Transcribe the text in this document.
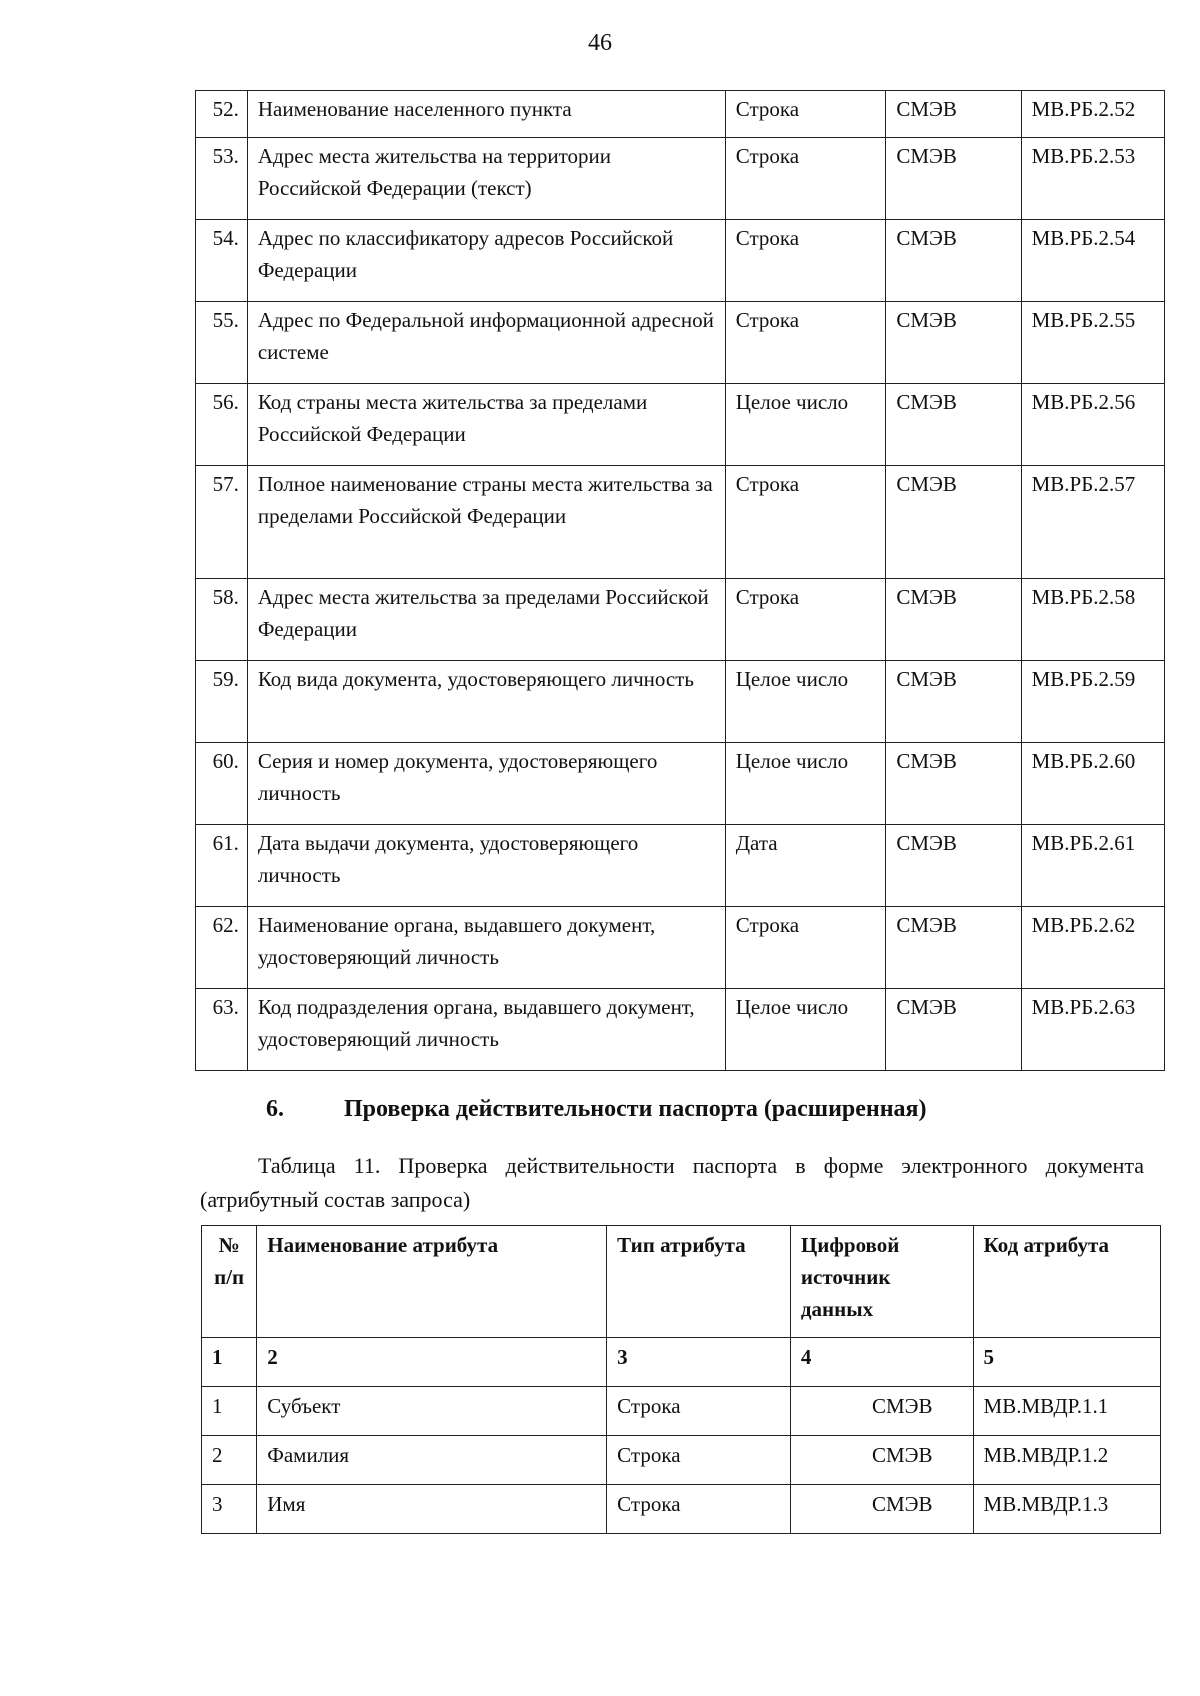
46
52.	Наименование населенного пункта	Строка	СМЭВ	МВ.РБ.2.52
53.	Адрес места жительства на территории Российской Федерации (текст)	Строка	СМЭВ	МВ.РБ.2.53
54.	Адрес по классификатору адресов Российской Федерации	Строка	СМЭВ	МВ.РБ.2.54
55.	Адрес по Федеральной информационной адресной системе	Строка	СМЭВ	МВ.РБ.2.55
56.	Код страны места жительства за пределами Российской Федерации	Целое число	СМЭВ	МВ.РБ.2.56
57.	Полное наименование страны места жительства за пределами Российской Федерации	Строка	СМЭВ	МВ.РБ.2.57
58.	Адрес места жительства за пределами Российской Федерации	Строка	СМЭВ	МВ.РБ.2.58
59.	Код вида документа, удостоверяющего личность	Целое число	СМЭВ	МВ.РБ.2.59
60.	Серия и номер документа, удостоверяющего личность	Целое число	СМЭВ	МВ.РБ.2.60
61.	Дата выдачи документа, удостоверяющего личность	Дата	СМЭВ	МВ.РБ.2.61
62.	Наименование органа, выдавшего документ, удостоверяющий личность	Строка	СМЭВ	МВ.РБ.2.62
63.	Код подразделения органа, выдавшего документ, удостоверяющий личность	Целое число	СМЭВ	МВ.РБ.2.63
6.	Проверка действительности паспорта (расширенная)
Таблица 11. Проверка действительности паспорта в форме электронного документа (атрибутный состав запроса)
№ п/п	Наименование атрибута	Тип атрибута	Цифровой источник данных	Код атрибута
1	2	3	4	5
1	Субъект	Строка	СМЭВ	МВ.МВДР.1.1
2	Фамилия	Строка	СМЭВ	МВ.МВДР.1.2
3	Имя	Строка	СМЭВ	МВ.МВДР.1.3
